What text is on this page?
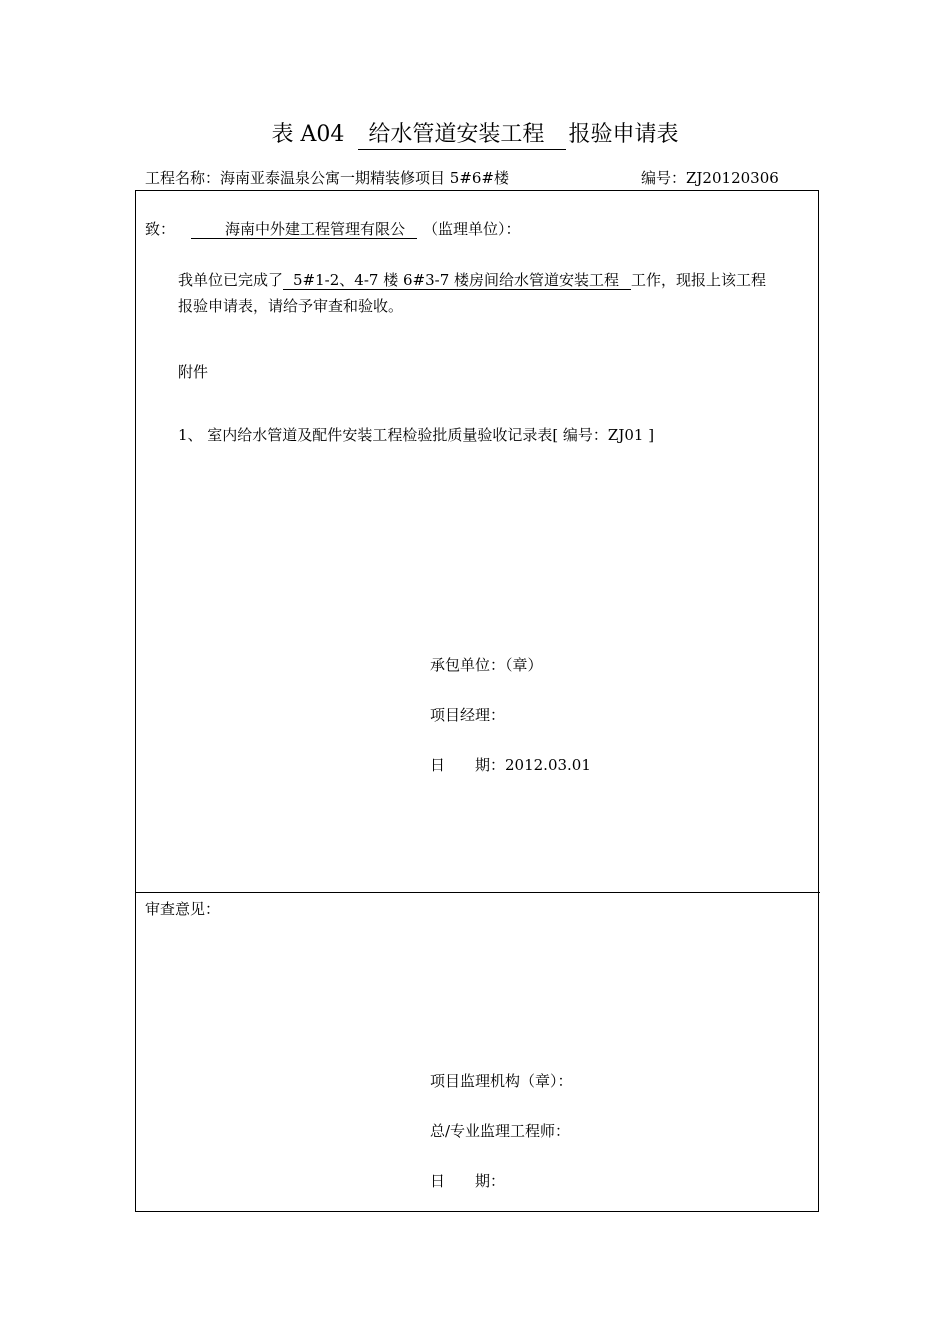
表 A04 给水管道安装工程 报验申请表
工程名称：海南亚泰温泉公寓一期精装修项目 5#6#楼	编号：ZJ20120306
致：	海南中外建工程管理有限公 （监理单位）：
我单位已完成了 5#1-2、4-7 楼 6#3-7 楼房间给水管道安装工程 工作，现报上该工程
报验申请表，请给予审查和验收。
附件
1、 室内给水管道及配件安装工程检验批质量验收记录表[ 编号：ZJ01 ]
承包单位：（章）
项目经理：
日　　期：2012.03.01
审查意见：
项目监理机构（章）：
总/专业监理工程师：
日　　期：
